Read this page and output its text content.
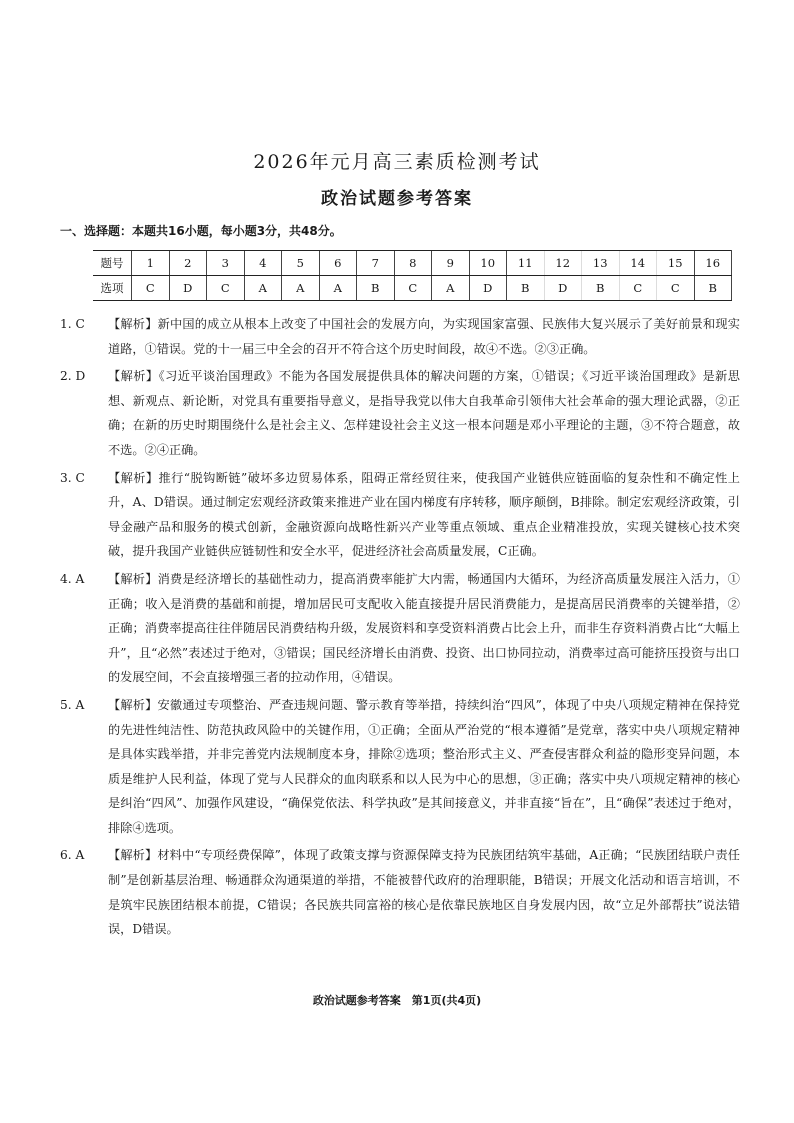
2026年元月高三素质检测考试
政治试题参考答案
一、选择题：本题共16小题，每小题3分，共48分。
题号	1	2	3	4	5	6	7	8	9	10	11	12	13	14	15	16
选项	C	D	C	A	A	A	B	C	A	D	B	D	B	C	C	B
1. C 【解析】新中国的成立从根本上改变了中国社会的发展方向，为实现国家富强、民族伟大复兴展示了美好前景和现实道路，①错误。党的十一届三中全会的召开不符合这个历史时间段，故④不选。②③正确。
2. D 【解析】《习近平谈治国理政》不能为各国发展提供具体的解决问题的方案，①错误；《习近平谈治国理政》是新思想、新观点、新论断，对党具有重要指导意义，是指导我党以伟大自我革命引领伟大社会革命的强大理论武器，②正确；在新的历史时期围绕什么是社会主义、怎样建设社会主义这一根本问题是邓小平理论的主题，③不符合题意，故不选。②④正确。
3. C 【解析】推行“脱钩断链”破坏多边贸易体系，阻碍正常经贸往来，使我国产业链供应链面临的复杂性和不确定性上升，A、D错误。通过制定宏观经济政策来推进产业在国内梯度有序转移，顺序颠倒，B排除。制定宏观经济政策，引导金融产品和服务的模式创新，金融资源向战略性新兴产业等重点领域、重点企业精准投放，实现关键核心技术突破，提升我国产业链供应链韧性和安全水平，促进经济社会高质量发展，C正确。
4. A 【解析】消费是经济增长的基础性动力，提高消费率能扩大内需，畅通国内大循环，为经济高质量发展注入活力，①正确；收入是消费的基础和前提，增加居民可支配收入能直接提升居民消费能力，是提高居民消费率的关键举措，②正确；消费率提高往往伴随居民消费结构升级，发展资料和享受资料消费占比会上升，而非生存资料消费占比“大幅上升”，且“必然”表述过于绝对，③错误；国民经济增长由消费、投资、出口协同拉动，消费率过高可能挤压投资与出口的发展空间，不会直接增强三者的拉动作用，④错误。
5. A 【解析】安徽通过专项整治、严查违规问题、警示教育等举措，持续纠治“四风”，体现了中央八项规定精神在保持党的先进性纯洁性、防范执政风险中的关键作用，①正确；全面从严治党的“根本遵循”是党章，落实中央八项规定精神是具体实践举措，并非完善党内法规制度本身，排除②选项；整治形式主义、严查侵害群众利益的隐形变异问题，本质是维护人民利益，体现了党与人民群众的血肉联系和以人民为中心的思想，③正确；落实中央八项规定精神的核心是纠治“四风”、加强作风建设，“确保党依法、科学执政”是其间接意义，并非直接“旨在”，且“确保”表述过于绝对，排除④选项。
6. A 【解析】材料中“专项经费保障”，体现了政策支撑与资源保障支持为民族团结筑牢基础，A正确；“民族团结联户责任制”是创新基层治理、畅通群众沟通渠道的举措，不能被替代政府的治理职能，B错误；开展文化活动和语言培训，不是筑牢民族团结根本前提，C错误；各民族共同富裕的核心是依靠民族地区自身发展内因，故“立足外部帮扶”说法错误，D错误。
政治试题参考答案　第1页(共4页)
